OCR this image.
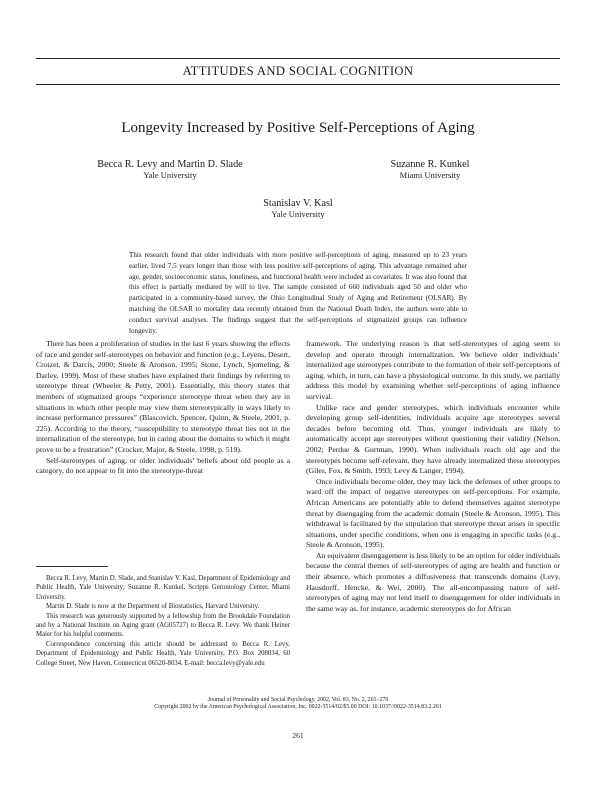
ATTITUDES AND SOCIAL COGNITION
Longevity Increased by Positive Self-Perceptions of Aging
Becca R. Levy and Martin D. Slade
Yale University
Suzanne R. Kunkel
Miami University
Stanislav V. Kasl
Yale University
This research found that older individuals with more positive self-perceptions of aging, measured up to 23 years earlier, lived 7.5 years longer than those with less positive self-perceptions of aging. This advantage remained after age, gender, socioeconomic status, loneliness, and functional health were included as covariates. It was also found that this effect is partially mediated by will to live. The sample consisted of 660 individuals aged 50 and older who participated in a community-based survey, the Ohio Longitudinal Study of Aging and Retirement (OLSAR). By matching the OLSAR to mortality data recently obtained from the National Death Index, the authors were able to conduct survival analyses. The findings suggest that the self-perceptions of stigmatized groups can influence longevity.

There has been a proliferation of studies in the last 6 years showing the effects of race and gender self-stereotypes on behavior and function (e.g., Leyens, Desert, Croizet, & Darcis, 2000; Steele & Aronson, 1995; Stone, Lynch, Sjomeling, & Darley, 1999). Most of these studies have explained their findings by referring to stereotype threat (Wheeler & Petty, 2001). Essentially, this theory states that members of stigmatized groups “experience stereotype threat when they are in situations in which other people may view them stereotypically in ways likely to increase performance pressures” (Blascovich, Spencer, Quinn, & Steele, 2001, p. 225). According to the theory, “susceptibility to stereotype threat lies not in the internalization of the stereotype, but in caring about the domains to which it might prove to be a frustration” (Crocker, Major, & Steele, 1998, p. 519).

Self-stereotypes of aging, or older individuals’ beliefs about old people as a category, do not appear to fit into the stereotype-threat

Becca R. Levy, Martin D. Slade, and Stanislav V. Kasl, Department of Epidemiology and Public Health, Yale University; Suzanne R. Kunkel, Scripps Gerontology Center, Miami University.

Martin D. Slade is now at the Department of Biostatistics, Harvard University.

This research was generously supported by a fellowship from the Brookdale Foundation and by a National Institute on Aging grant (AG05727) to Becca R. Levy. We thank Heiner Maier for his helpful comments.

Correspondence concerning this article should be addressed to Becca R. Levy, Department of Epidemiology and Public Health, Yale University, P.O. Box 208034, 60 College Street, New Haven, Connecticut 06520-8034. E-mail: becca.levy@yale.edu

framework. The underlying reason is that self-stereotypes of aging seem to develop and operate through internalization. We believe older individuals’ internalized age stereotypes contribute to the formation of their self-perceptions of aging, which, in turn, can have a physiological outcome. In this study, we partially address this model by examining whether self-perceptions of aging influence survival.

Unlike race and gender stereotypes, which individuals encounter while developing group self-identities, individuals acquire age stereotypes several decades before becoming old. Thus, younger individuals are likely to automatically accept age stereotypes without questioning their validity (Nelson, 2002; Perdue & Gurtman, 1990). When individuals reach old age and the stereotypes become self-relevant, they have already internalized these stereotypes (Giles, Fox, & Smith, 1993; Levy & Langer, 1994).

Once individuals become older, they may lack the defenses of other groups to ward off the impact of negative stereotypes on self-perceptions. For example, African Americans are potentially able to defend themselves against stereotype threat by disengaging from the academic domain (Steele & Aronson, 1995). This withdrawal is facilitated by the stipulation that stereotype threat arises in specific situations, under specific conditions, when one is engaging in specific tasks (e.g., Steele & Aronson, 1995).

An equivalent disengagement is less likely to be an option for older individuals because the central themes of self-stereotypes of aging are health and function or their absence, which promotes a diffusiveness that transcends domains (Levy, Hausdorff, Hencke, & Wei, 2000). The all-encompassing nature of self-stereotypes of aging may not lend itself to disengagement for older individuals in the same way as, for instance, academic stereotypes do for African

Journal of Personality and Social Psychology, 2002, Vol. 83, No. 2, 261–270
Copyright 2002 by the American Psychological Association, Inc. 0022-3514/02/$5.00 DOI: 10.1037//0022-3514.83.2.261
261
